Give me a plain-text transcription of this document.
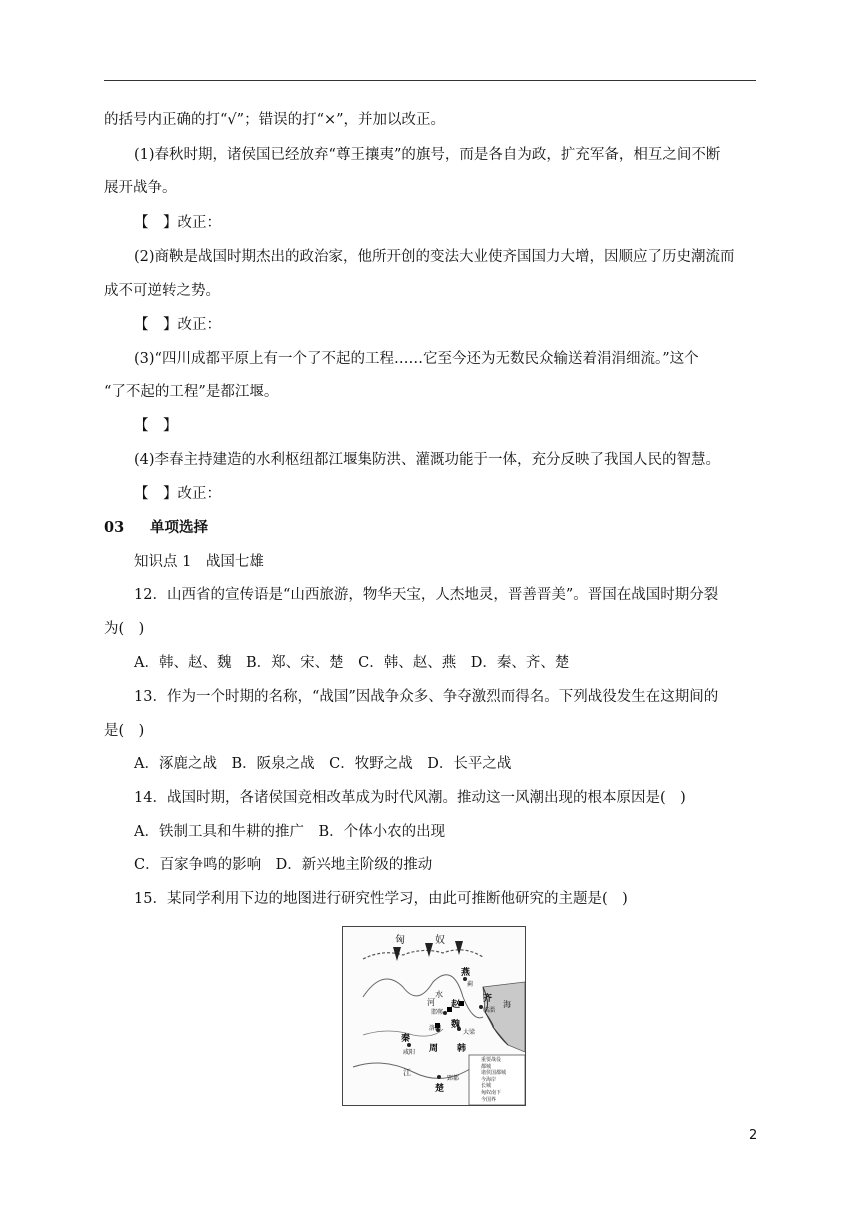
的括号内正确的打“√”；错误的打“×”，并加以改正。
(1)春秋时期，诸侯国已经放弃“尊王攘夷”的旗号，而是各自为政，扩充军备，相互之间不断
展开战争。
【　】改正：
(2)商鞅是战国时期杰出的政治家，他所开创的变法大业使齐国国力大增，因顺应了历史潮流而
成不可逆转之势。
【　】改正：
(3)“四川成都平原上有一个了不起的工程……它至今还为无数民众输送着涓涓细流。”这个
“了不起的工程”是都江堰。
【　】
(4)李春主持建造的水利枢纽都江堰集防洪、灌溉功能于一体，充分反映了我国人民的智慧。
【　】改正：
03 单项选择
知识点 1　战国七雄
12．山西省的宣传语是“山西旅游，物华天宝，人杰地灵，晋善晋美”。晋国在战国时期分裂
为(　)
A．韩、赵、魏　B．郑、宋、楚　C．韩、赵、燕　D．秦、齐、楚
13．作为一个时期的名称，“战国”因战争众多、争夺激烈而得名。下列战役发生在这期间的
是(　)
A．涿鹿之战　B．阪泉之战　C．牧野之战　D．长平之战
14．战国时期，各诸侯国竞相改革成为时代风潮。推动这一风潮出现的根本原因是(　)
A．铁制工具和牛耕的推广　B．个体小农的出现
C．百家争鸣的影响　D．新兴地主阶级的推动
15．某同学利用下边的地图进行研究性学习，由此可推断他研究的主题是(　)
匈	奴
燕
蓟
赵
邯郸
齐
临淄
秦
周 韩
魏
大梁
咸阳
楚
郢都
河
江
洛阳
水
海
重要战役
都城
诸侯国都城
今海岸
长城
匈奴南下
今国界
2
